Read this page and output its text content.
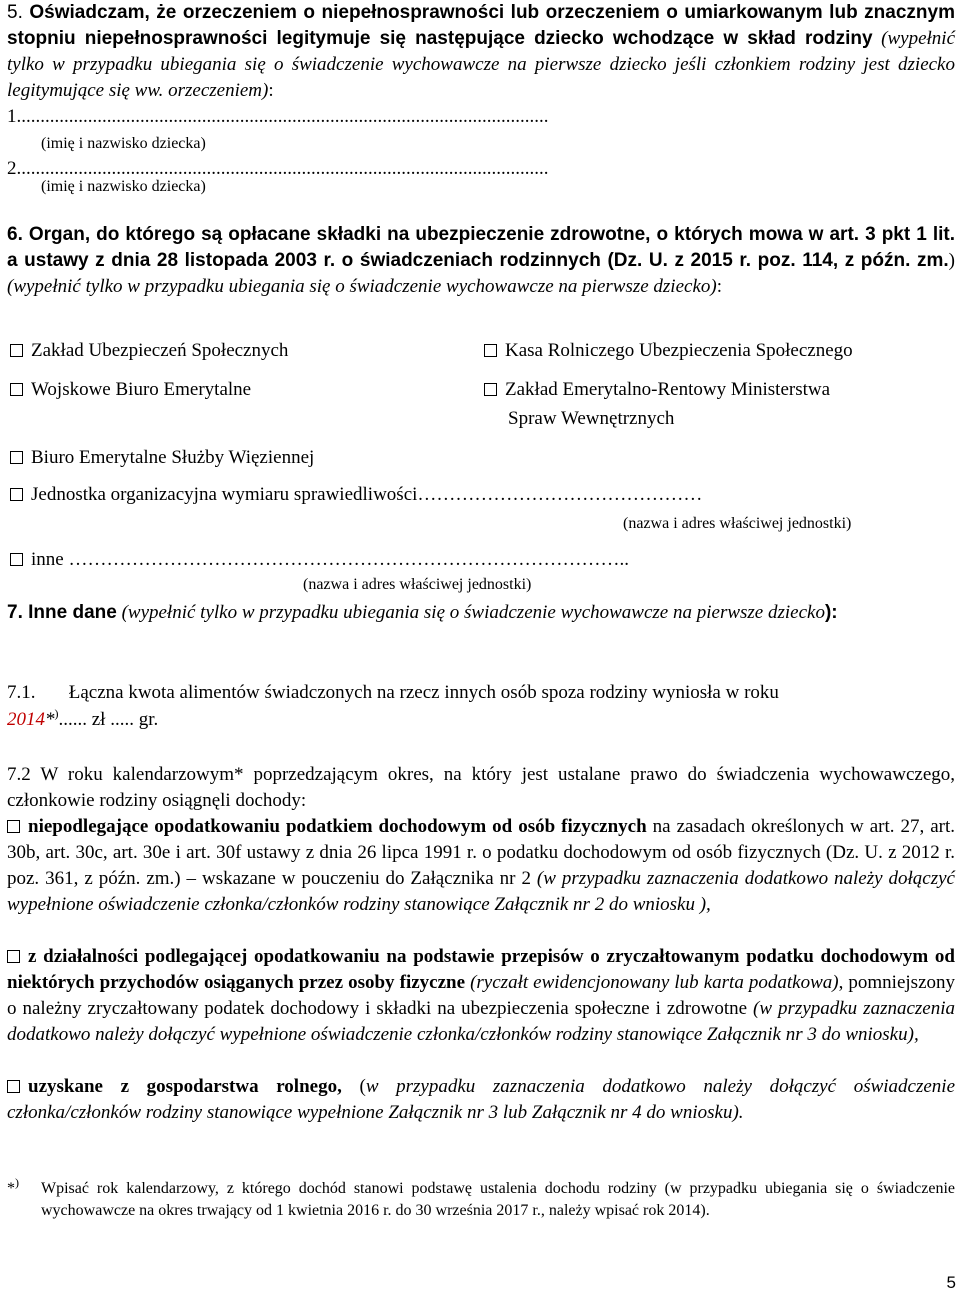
5. Oświadczam, że orzeczeniem o niepełnosprawności lub orzeczeniem o umiarkowanym lub znacznym stopniu niepełnosprawności legitymuje się następujące dziecko wchodzące w skład rodziny (wypełnić tylko w przypadku ubiegania się o świadczenie wychowawcze na pierwsze dziecko jeśli członkiem rodziny jest dziecko legitymujące się ww. orzeczeniem):
1................................................................................................................
(imię i nazwisko dziecka)
2................................................................................................................
(imię i nazwisko dziecka)
6. Organ, do którego są opłacane składki na ubezpieczenie zdrowotne, o których mowa w art. 3 pkt 1 lit. a ustawy z dnia 28 listopada 2003 r. o świadczeniach rodzinnych (Dz. U. z 2015 r. poz. 114, z późn. zm.) (wypełnić tylko w przypadku ubiegania się o świadczenie wychowawcze na pierwsze dziecko):
Zakład Ubezpieczeń Społecznych	Kasa Rolniczego Ubezpieczenia Społecznego
Wojskowe Biuro Emerytalne	Zakład Emerytalno-Rentowy Ministerstwa
Spraw Wewnętrznych
Biuro Emerytalne Służby Więziennej
Jednostka organizacyjna wymiaru sprawiedliwości………………………………………
(nazwa i adres właściwej jednostki)
inne ……………………………………………………………………………..
(nazwa i adres właściwej jednostki)
7. Inne dane (wypełnić tylko w przypadku ubiegania się o świadczenie wychowawcze na pierwsze dziecko):
7.1. Łączna kwota alimentów świadczonych na rzecz innych osób spoza rodziny wyniosła w roku
2014*)...... zł ..... gr.
7.2 W roku kalendarzowym* poprzedzającym okres, na który jest ustalane prawo do świadczenia wychowawczego, członkowie rodziny osiągnęli dochody:
niepodlegające opodatkowaniu podatkiem dochodowym od osób fizycznych na zasadach określonych w art. 27, art. 30b, art. 30c, art. 30e i art. 30f ustawy z dnia 26 lipca 1991 r. o podatku dochodowym od osób fizycznych (Dz. U. z 2012 r. poz. 361, z późn. zm.) – wskazane w pouczeniu do Załącznika nr 2 (w przypadku zaznaczenia dodatkowo należy dołączyć wypełnione oświadczenie członka/członków rodziny stanowiące Załącznik nr 2 do wniosku ),
z działalności podlegającej opodatkowaniu na podstawie przepisów o zryczałtowanym podatku dochodowym od niektórych przychodów osiąganych przez osoby fizyczne (ryczałt ewidencjonowany lub karta podatkowa), pomniejszony o należny zryczałtowany podatek dochodowy i składki na ubezpieczenia społeczne i zdrowotne (w przypadku zaznaczenia dodatkowo należy dołączyć wypełnione oświadczenie członka/członków rodziny stanowiące Załącznik nr 3 do wniosku),
uzyskane z gospodarstwa rolnego, (w przypadku zaznaczenia dodatkowo należy dołączyć oświadczenie członka/członków rodziny stanowiące wypełnione Załącznik nr 3 lub Załącznik nr 4 do wniosku).
*) Wpisać rok kalendarzowy, z którego dochód stanowi podstawę ustalenia dochodu rodziny (w przypadku ubiegania się o świadczenie wychowawcze na okres trwający od 1 kwietnia 2016 r. do 30 września 2017 r., należy wpisać rok 2014).
5
